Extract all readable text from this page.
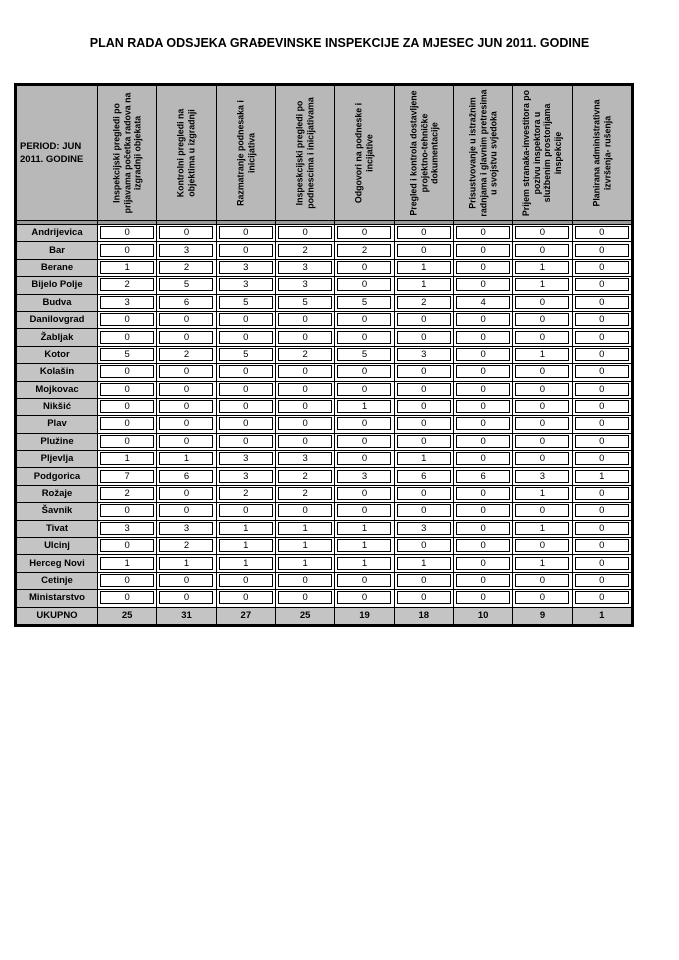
PLAN RADA ODSJEKA GRAĐEVINSKE INSPEKCIJE ZA MJESEC JUN 2011. GODINE
PERIOD: JUN 2011. GODINE	Inspekcijski pregledi po prijavama početka radova na izgradnji objekata	Kontrolni pregledi na objektima u izgradnji	Razmatranje podnesaka i inicijativa	Inspeskcijski pregledi po podnescima i inicijativama	Odgovori na podneske i incijative	Pregled i kontrola dostavljene projektno-tehničke dokumentacije	Prisustvovanje u istražnim radnjama i glavnim pretresima u svojstvu svjedoka	Prijem stranaka-investitora po pozivu inspektora u službenim prostorijama inspekcije	Planirana administrativna izvršenja- rušenja

Andrijevica	0	0	0	0	0	0	0	0	0
Bar	0	3	0	2	2	0	0	0	0
Berane	1	2	3	3	0	1	0	1	0
Bijelo Polje	2	5	3	3	0	1	0	1	0
Budva	3	6	5	5	5	2	4	0	0
Danilovgrad	0	0	0	0	0	0	0	0	0
Žabljak	0	0	0	0	0	0	0	0	0
Kotor	5	2	5	2	5	3	0	1	0
Kolašin	0	0	0	0	0	0	0	0	0
Mojkovac	0	0	0	0	0	0	0	0	0
Nikšić	0	0	0	0	1	0	0	0	0
Plav	0	0	0	0	0	0	0	0	0
Plužine	0	0	0	0	0	0	0	0	0
Pljevlja	1	1	3	3	0	1	0	0	0
Podgorica	7	6	3	2	3	6	6	3	1
Rožaje	2	0	2	2	0	0	0	1	0
Šavnik	0	0	0	0	0	0	0	0	0
Tivat	3	3	1	1	1	3	0	1	0
Ulcinj	0	2	1	1	1	0	0	0	0
Herceg Novi	1	1	1	1	1	1	0	1	0
Cetinje	0	0	0	0	0	0	0	0	0
Ministarstvo	0	0	0	0	0	0	0	0	0
UKUPNO	25	31	27	25	19	18	10	9	1
